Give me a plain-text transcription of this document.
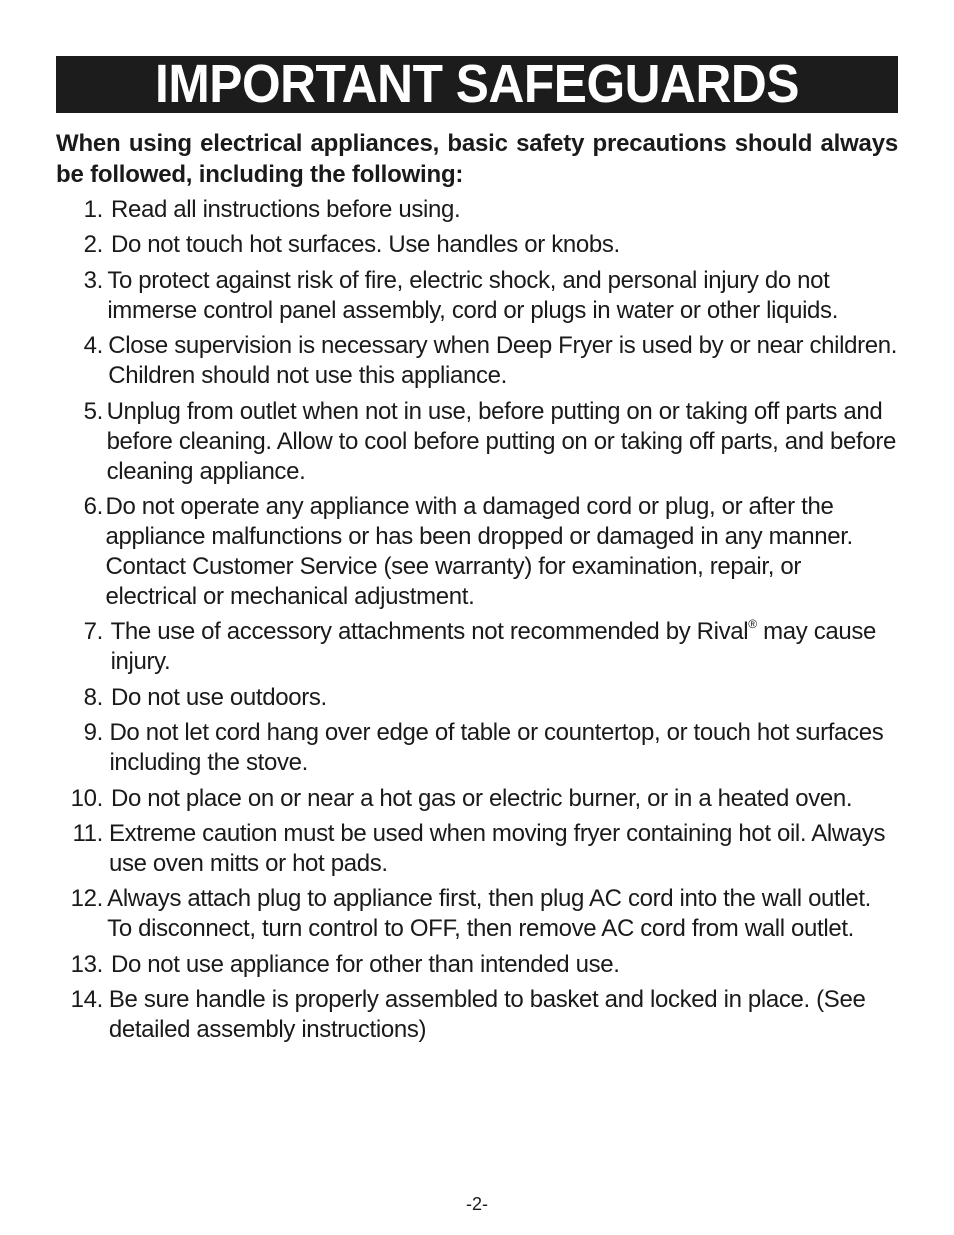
IMPORTANT SAFEGUARDS

When using electrical appliances, basic safety precautions should always be followed, including the following:

1. Read all instructions before using.
2. Do not touch hot surfaces. Use handles or knobs.
3. To protect against risk of fire, electric shock, and personal injury do not immerse control panel assembly, cord or plugs in water or other liquids.
4. Close supervision is necessary when Deep Fryer is used by or near children. Children should not use this appliance.
5. Unplug from outlet when not in use, before putting on or taking off parts and before cleaning. Allow to cool before putting on or taking off parts, and before cleaning appliance.
6. Do not operate any appliance with a damaged cord or plug, or after the appliance malfunctions or has been dropped or damaged in any manner. Contact Customer Service (see warranty) for examination, repair, or electrical or mechanical adjustment.
7. The use of accessory attachments not recommended by Rival® may cause injury.
8. Do not use outdoors.
9. Do not let cord hang over edge of table or countertop, or touch hot surfaces including the stove.
10. Do not place on or near a hot gas or electric burner, or in a heated oven.
11. Extreme caution must be used when moving fryer containing hot oil. Always use oven mitts or hot pads.
12. Always attach plug to appliance first, then plug AC cord into the wall outlet. To disconnect, turn control to OFF, then remove AC cord from wall outlet.
13. Do not use appliance for other than intended use.
14. Be sure handle is properly assembled to basket and locked in place. (See detailed assembly instructions)
-2-
